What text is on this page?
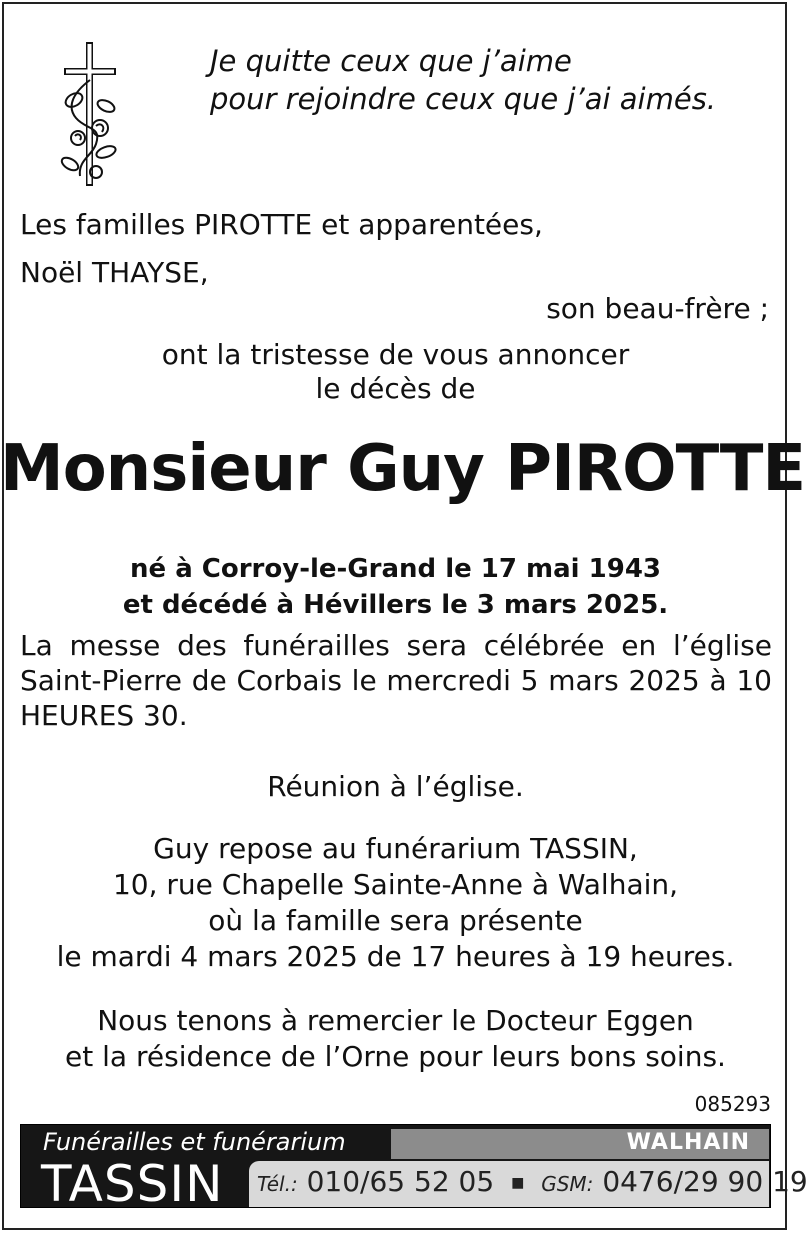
Je quitte ceux que j’aime
pour rejoindre ceux que j’ai aimés.
Les familles PIROTTE et apparentées,
Noël THAYSE,
son beau-frère ;
ont la tristesse de vous annoncer
le décès de
Monsieur Guy PIROTTE
né à Corroy-le-Grand le 17 mai 1943
et décédé à Hévillers le 3 mars 2025.
La messe des funérailles sera célébrée en l’église Saint-Pierre de Corbais le mercredi 5 mars 2025 à 10 HEURES 30.
Réunion à l’église.
Guy repose au funérarium TASSIN,
10, rue Chapelle Sainte-Anne à Walhain,
où la famille sera présente
le mardi 4 mars 2025 de 17 heures à 19 heures.
Nous tenons à remercier le Docteur Eggen
et la résidence de l’Orne pour leurs bons soins.
085293
Funérailles et funérarium
TASSIN
WALHAIN
Tél.: 010/65 52 05 ■ GSM: 0476/29 90 19
